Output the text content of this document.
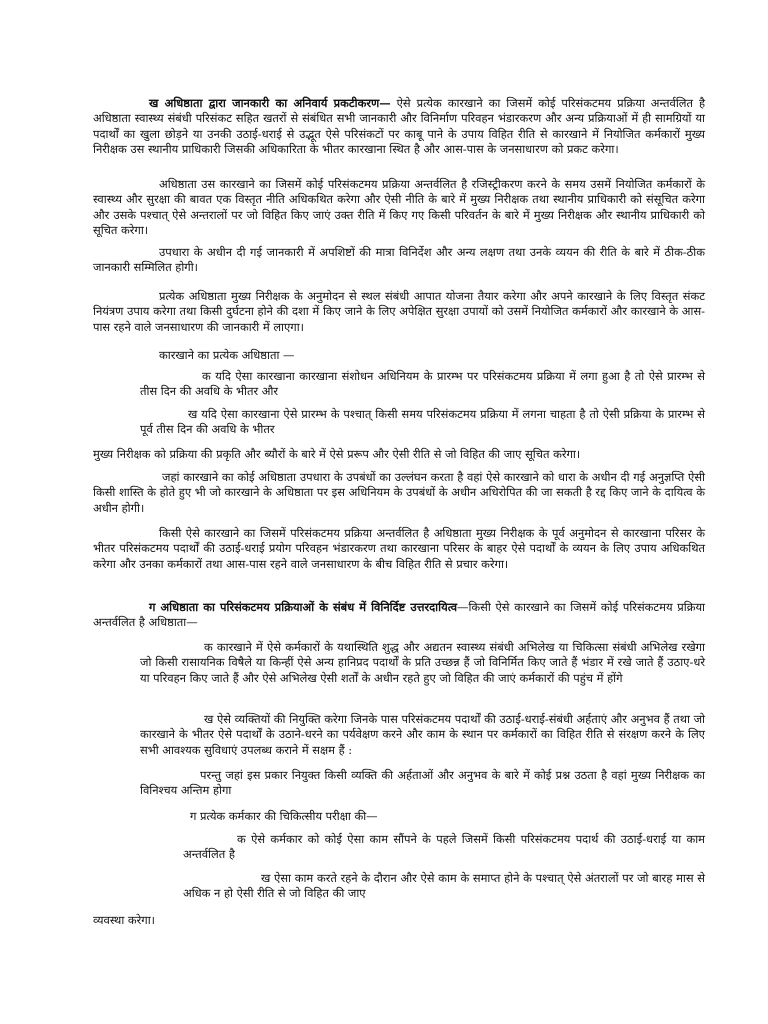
ख अधिष्ठाता द्वारा जानकारी का अनिवार्य प्रकटीकरण— ऐसे प्रत्येक कारखाने का जिसमें कोई परिसंकटमय प्रक्रिया अन्तर्वलित है अधिष्ठाता स्वास्थ्य संबंधी परिसंकट सहित खतरों से संबंधित सभी जानकारी और विनिर्माण परिवहन भंडारकरण और अन्य प्रक्रियाओं में ही सामग्रियों या पदार्थों का खुला छोड़ने या उनकी उठाई-धराई से उद्भूत ऐसे परिसंकटों पर काबू पाने के उपाय विहित रीति से कारखाने में नियोजित कर्मकारों मुख्य निरीक्षक उस स्थानीय प्राधिकारी जिसकी अधिकारिता के भीतर कारखाना स्थित है और आस-पास के जनसाधारण को प्रकट करेगा।

अधिष्ठाता उस कारखाने का जिसमें कोई परिसंकटमय प्रक्रिया अन्तर्वलित है रजिस्ट्रीकरण करने के समय उसमें नियोजित कर्मकारों के स्वास्थ्य और सुरक्षा की बावत एक विस्तृत नीति अधिकथित करेगा और ऐसी नीति के बारे में मुख्य निरीक्षक तथा स्थानीय प्राधिकारी को संसूचित करेगा और उसके पश्चात् ऐसे अन्तरालों पर जो विहित किए जाएं उक्त रीति में किए गए किसी परिवर्तन के बारे में मुख्य निरीक्षक और स्थानीय प्राधिकारी को सूचित करेगा।

उपधारा के अधीन दी गई जानकारी में अपशिष्टों की मात्रा विनिर्देश और अन्य लक्षण तथा उनके व्ययन की रीति के बारे में ठीक-ठीक जानकारी सम्मिलित होगी।

प्रत्येक अधिष्ठाता मुख्य निरीक्षक के अनुमोदन से स्थल संबंधी आपात योजना तैयार करेगा और अपने कारखाने के लिए विस्तृत संकट नियंत्रण उपाय करेगा तथा किसी दुर्घटना होने की दशा में किए जाने के लिए अपेक्षित सुरक्षा उपायों को उसमें नियोजित कर्मकारों और कारखाने के आस-पास रहने वाले जनसाधारण की जानकारी में लाएगा।

कारखाने का प्रत्येक अधिष्ठाता —

क यदि ऐसा कारखाना कारखाना संशोधन अधिनियम के प्रारम्भ पर परिसंकटमय प्रक्रिया में लगा हुआ है तो ऐसे प्रारम्भ से तीस दिन की अवधि के भीतर और

ख यदि ऐसा कारखाना ऐसे प्रारम्भ के पश्चात् किसी समय परिसंकटमय प्रक्रिया में लगना चाहता है तो ऐसी प्रक्रिया के प्रारम्भ से पूर्व तीस दिन की अवधि के भीतर

मुख्य निरीक्षक को प्रक्रिया की प्रकृति और ब्यौरों के बारे में ऐसे प्ररूप और ऐसी रीति से जो विहित की जाए सूचित करेगा।

जहां कारखाने का कोई अधिष्ठाता उपधारा के उपबंधों का उल्लंघन करता है वहां ऐसे कारखाने को धारा के अधीन दी गई अनुज्ञप्ति ऐसी किसी शास्ति के होते हुए भी जो कारखाने के अधिष्ठाता पर इस अधिनियम के उपबंधों के अधीन अधिरोपित की जा सकती है रद्द किए जाने के दायित्व के अधीन होगी।

किसी ऐसे कारखाने का जिसमें परिसंकटमय प्रक्रिया अन्तर्वलित है अधिष्ठाता मुख्य निरीक्षक के पूर्व अनुमोदन से कारखाना परिसर के भीतर परिसंकटमय पदार्थों की उठाई-धराई प्रयोग परिवहन भंडारकरण तथा कारखाना परिसर के बाहर ऐसे पदार्थों के व्ययन के लिए उपाय अधिकथित करेगा और उनका कर्मकारों तथा आस-पास रहने वाले जनसाधारण के बीच विहित रीति से प्रचार करेगा।

ग अधिष्ठाता का परिसंकटमय प्रक्रियाओं के संबंध में विनिर्दिष्ट उत्तरदायित्व—किसी ऐसे कारखाने का जिसमें कोई परिसंकटमय प्रक्रिया अन्तर्वलित है अधिष्ठाता—

क कारखाने में ऐसे कर्मकारों के यथास्थिति शुद्ध और अद्यतन स्वास्थ्य संबंधी अभिलेख या चिकित्सा संबंधी अभिलेख रखेगा जो किसी रासायनिक विषैले या किन्हीं ऐसे अन्य हानिप्रद पदार्थों के प्रति उच्छन्न हैं जो विनिर्मित किए जाते हैं भंडार में रखे जाते हैं उठाए-धरे या परिवहन किए जाते हैं और ऐसे अभिलेख ऐसी शर्तों के अधीन रहते हुए जो विहित की जाएं कर्मकारों की पहुंच में होंगे

ख ऐसे व्यक्तियों की नियुक्ति करेगा जिनके पास परिसंकटमय पदार्थों की उठाई-धराई-संबंधी अर्हताएं और अनुभव हैं तथा जो कारखाने के भीतर ऐसे पदार्थों के उठाने-धरने का पर्यवेक्षण करने और काम के स्थान पर कर्मकारों का विहित रीति से संरक्षण करने के लिए सभी आवश्यक सुविधाएं उपलब्ध कराने में सक्षम हैं :

परन्तु जहां इस प्रकार नियुक्त किसी व्यक्ति की अर्हताओं और अनुभव के बारे में कोई प्रश्न उठता है वहां मुख्य निरीक्षक का विनिश्चय अन्तिम होगा

ग प्रत्येक कर्मकार की चिकित्सीय परीक्षा की—

क ऐसे कर्मकार को कोई ऐसा काम सौंपने के पहले जिसमें किसी परिसंकटमय पदार्थ की उठाई-धराई या काम अन्तर्वलित है

ख ऐसा काम करते रहने के दौरान और ऐसे काम के समाप्त होने के पश्चात् ऐसे अंतरालों पर जो बारह मास से अधिक न हो ऐसी रीति से जो विहित की जाए

व्यवस्था करेगा।
